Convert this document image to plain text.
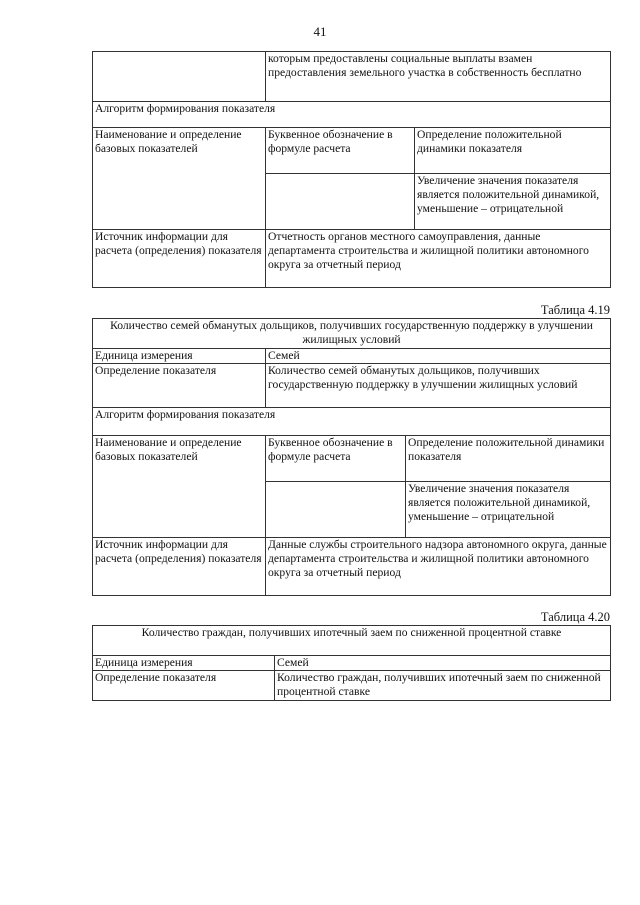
41
	которым предоставлены социальные выплаты взамен предоставления земельного участка в собственность бесплатно	
Алгоритм формирования показателя		
Наименование и определение базовых показателей	Буквенное обозначение в формуле расчета	Определение положительной динамики показателя
		Увеличение значения показателя является положительной динамикой, уменьшение – отрицательной
Источник информации для расчета (определения) показателя	Отчетность органов местного самоуправления, данные департамента строительства и жилищной политики автономного округа за отчетный период	
Таблица 4.19
Количество семей обманутых дольщиков, получивших государственную поддержку в улучшении жилищных условий		
Единица измерения	Семей	
Определение показателя	Количество семей обманутых дольщиков, получивших государственную поддержку в улучшении жилищных условий	
Алгоритм формирования показателя		
Наименование и определение базовых показателей	Буквенное обозначение в формуле расчета	Определение положительной динамики показателя
		Увеличение значения показателя является положительной динамикой, уменьшение – отрицательной
Источник информации для расчета (определения) показателя	Данные службы строительного надзора автономного округа, данные департамента строительства и жилищной политики автономного округа за отчетный период	
Таблица 4.20
Количество граждан, получивших ипотечный заем по сниженной процентной ставке	
Единица измерения	Семей
Определение показателя	Количество граждан, получивших ипотечный заем по сниженной процентной ставке
